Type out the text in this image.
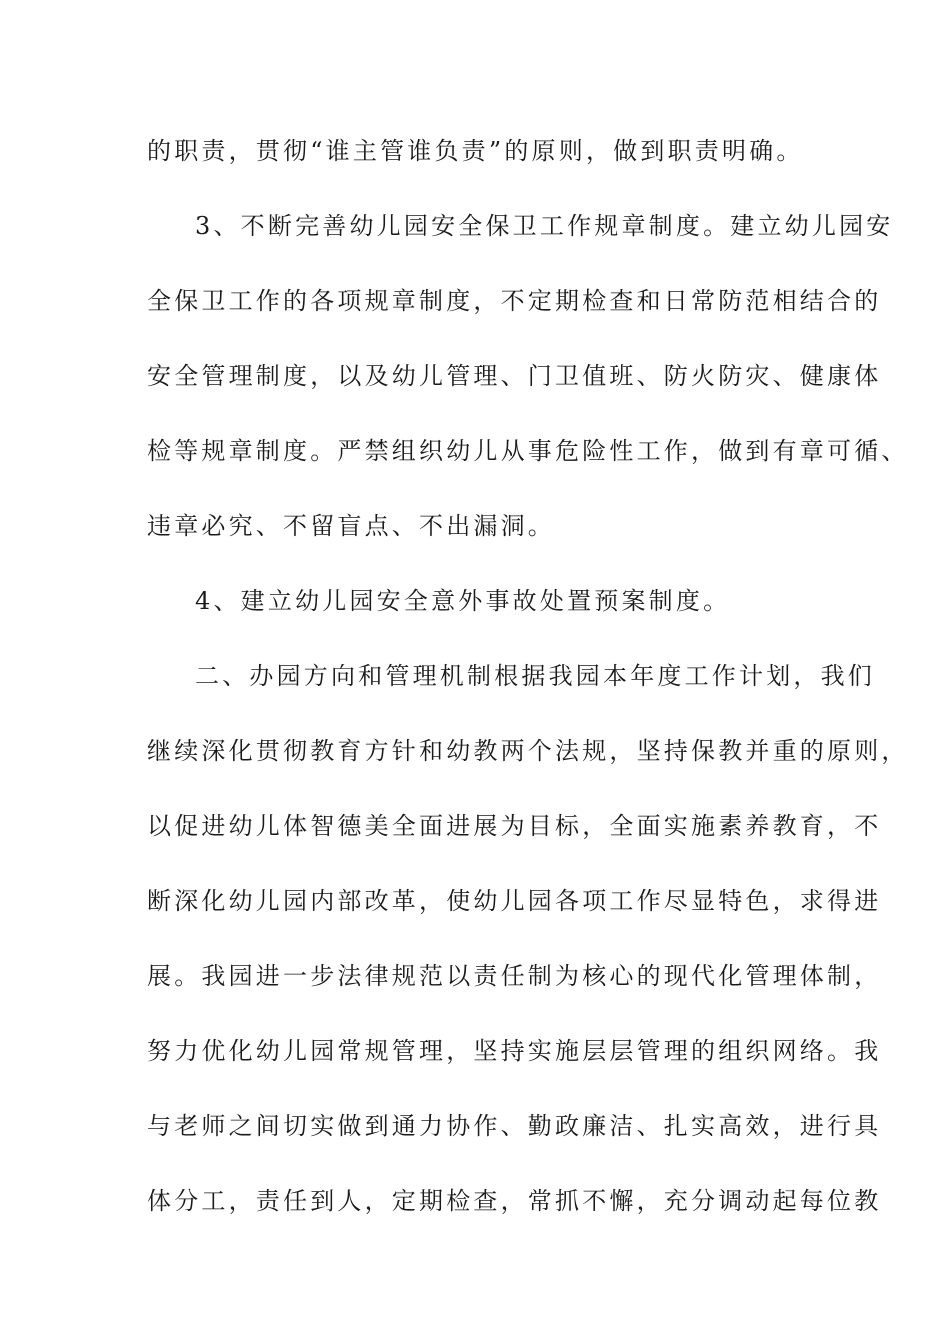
的职责，贯彻“谁主管谁负责”的原则，做到职责明确。
3、不断完善幼儿园安全保卫工作规章制度。建立幼儿园安
全保卫工作的各项规章制度，不定期检查和日常防范相结合的
安全管理制度，以及幼儿管理、门卫值班、防火防灾、健康体
检等规章制度。严禁组织幼儿从事危险性工作，做到有章可循、
违章必究、不留盲点、不出漏洞。
4、建立幼儿园安全意外事故处置预案制度。
二、办园方向和管理机制根据我园本年度工作计划，我们
继续深化贯彻教育方针和幼教两个法规，坚持保教并重的原则，
以促进幼儿体智德美全面进展为目标，全面实施素养教育，不
断深化幼儿园内部改革，使幼儿园各项工作尽显特色，求得进
展。我园进一步法律规范以责任制为核心的现代化管理体制，
努力优化幼儿园常规管理，坚持实施层层管理的组织网络。我
与老师之间切实做到通力协作、勤政廉洁、扎实高效，进行具
体分工，责任到人，定期检查，常抓不懈，充分调动起每位教
